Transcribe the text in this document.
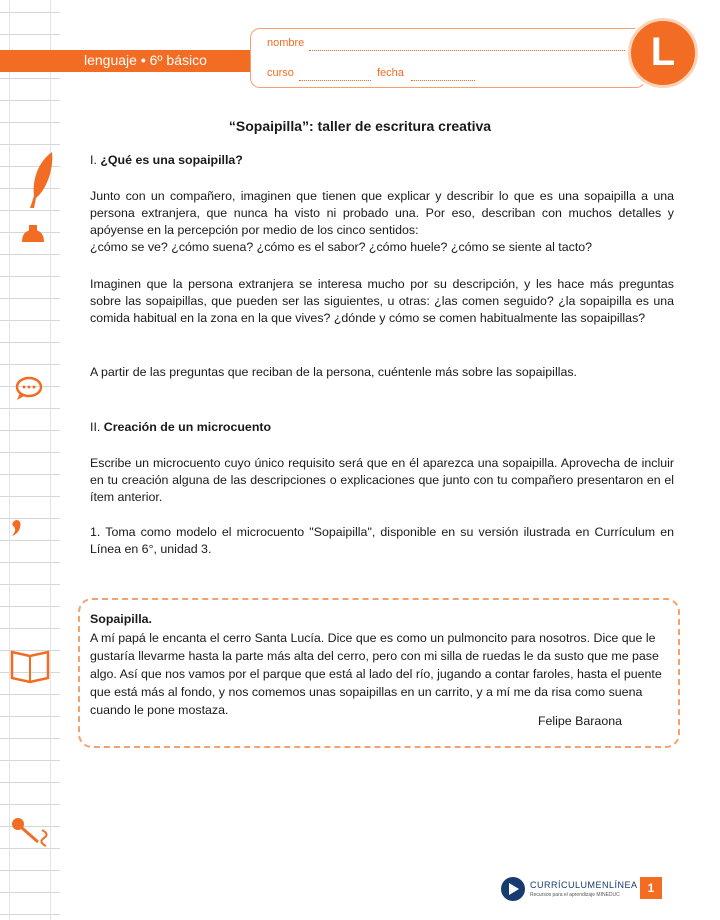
lenguaje • 6º básico
nombre
curso	fecha	L
“Sopaipilla”: taller de escritura creativa
I. ¿Qué es una sopaipilla?
Junto con un compañero, imaginen que tienen que explicar y describir lo que es una sopaipilla a una persona extranjera, que nunca ha visto ni probado una. Por eso, describan con muchos detalles y apóyense en la percepción por medio de los cinco sentidos:
¿cómo se ve? ¿cómo suena? ¿cómo es el sabor? ¿cómo huele? ¿cómo se siente al tacto?
Imaginen que la persona extranjera se interesa mucho por su descripción, y les hace más preguntas sobre las sopaipillas, que pueden ser las siguientes, u otras: ¿las comen seguido? ¿la sopaipilla es una comida habitual en la zona en la que vives? ¿dónde y cómo se comen habitualmente las sopaipillas?
A partir de las preguntas que reciban de la persona, cuéntenle más sobre las sopaipillas.
II. Creación de un microcuento
Escribe un microcuento cuyo único requisito será que en él aparezca una sopaipilla. Aprovecha de incluir en tu creación alguna de las descripciones o explicaciones que junto con tu compañero presentaron en el ítem anterior.
1. Toma como modelo el microcuento "Sopaipilla", disponible en su versión ilustrada en Currículum en Línea en 6°, unidad 3.
Sopaipilla.
A mí papá le encanta el cerro Santa Lucía. Dice que es como un pulmoncito para nosotros. Dice que le gustaría llevarme hasta la parte más alta del cerro, pero con mi silla de ruedas le da susto que me pase algo. Así que nos vamos por el parque que está al lado del río, jugando a contar faroles, hasta el puente que está más al fondo, y nos comemos unas sopaipillas en un carrito, y a mí me da risa como suena cuando le pone mostaza.
Felipe Baraona
CURRÍCULUMENLÍNEA
Recursos para el aprendizaje MINEDUC	1
